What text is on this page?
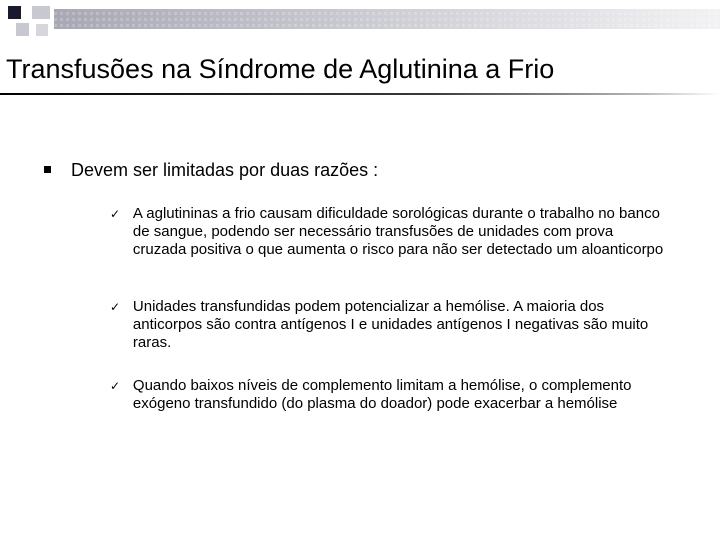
Transfusões na Síndrome de Aglutinina a Frio
Devem ser limitadas por duas razões :
✓ A aglutininas a frio causam dificuldade sorológicas durante o trabalho no banco de sangue, podendo ser necessário transfusões de unidades com prova cruzada positiva o que aumenta o risco para não ser detectado um aloanticorpo
✓ Unidades transfundidas podem potencializar a hemólise. A maioria dos anticorpos são contra antígenos I e unidades antígenos I negativas são muito raras.
✓ Quando baixos níveis de complemento limitam a hemólise, o complemento exógeno transfundido (do plasma do doador) pode exacerbar a hemólise
